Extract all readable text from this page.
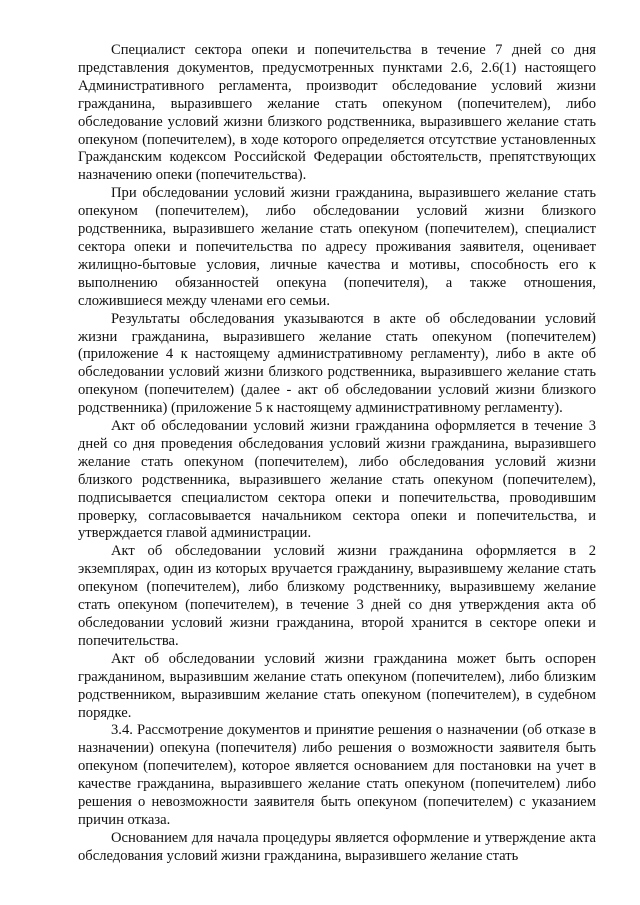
Специалист сектора опеки и попечительства в течение 7 дней со дня представления документов, предусмотренных пунктами 2.6, 2.6(1) настоящего Административного регламента, производит обследование условий жизни гражданина, выразившего желание стать опекуном (попечителем), либо обследование условий жизни близкого родственника, выразившего желание стать опекуном (попечителем), в ходе которого определяется отсутствие установленных Гражданским кодексом Российской Федерации обстоятельств, препятствующих назначению опеки (попечительства).

При обследовании условий жизни гражданина, выразившего желание стать опекуном (попечителем), либо обследовании условий жизни близкого родственника, выразившего желание стать опекуном (попечителем), специалист сектора опеки и попечительства по адресу проживания заявителя, оценивает жилищно-бытовые условия, личные качества и мотивы, способность его к выполнению обязанностей опекуна (попечителя), а также отношения, сложившиеся между членами его семьи.

Результаты обследования указываются в акте об обследовании условий жизни гражданина, выразившего желание стать опекуном (попечителем) (приложение 4 к настоящему административному регламенту), либо в акте об обследовании условий жизни близкого родственника, выразившего желание стать опекуном (попечителем) (далее - акт об обследовании условий жизни близкого родственника) (приложение 5 к настоящему административному регламенту).

Акт об обследовании условий жизни гражданина оформляется в течение 3 дней со дня проведения обследования условий жизни гражданина, выразившего желание стать опекуном (попечителем), либо обследования условий жизни близкого родственника, выразившего желание стать опекуном (попечителем), подписывается специалистом сектора опеки и попечительства, проводившим проверку, согласовывается начальником сектора опеки и попечительства, и утверждается главой администрации.

Акт об обследовании условий жизни гражданина оформляется в 2 экземплярах, один из которых вручается гражданину, выразившему желание стать опекуном (попечителем), либо близкому родственнику, выразившему желание стать опекуном (попечителем), в течение 3 дней со дня утверждения акта об обследовании условий жизни гражданина, второй хранится в секторе опеки и попечительства.

Акт об обследовании условий жизни гражданина может быть оспорен гражданином, выразившим желание стать опекуном (попечителем), либо близким родственником, выразившим желание стать опекуном (попечителем), в судебном порядке.

3.4. Рассмотрение документов и принятие решения о назначении (об отказе в назначении) опекуна (попечителя) либо решения о возможности заявителя быть опекуном (попечителем), которое является основанием для постановки на учет в качестве гражданина, выразившего желание стать опекуном (попечителем) либо решения о невозможности заявителя быть опекуном (попечителем) с указанием причин отказа.

Основанием для начала процедуры является оформление и утверждение акта обследования условий жизни гражданина, выразившего желание стать
